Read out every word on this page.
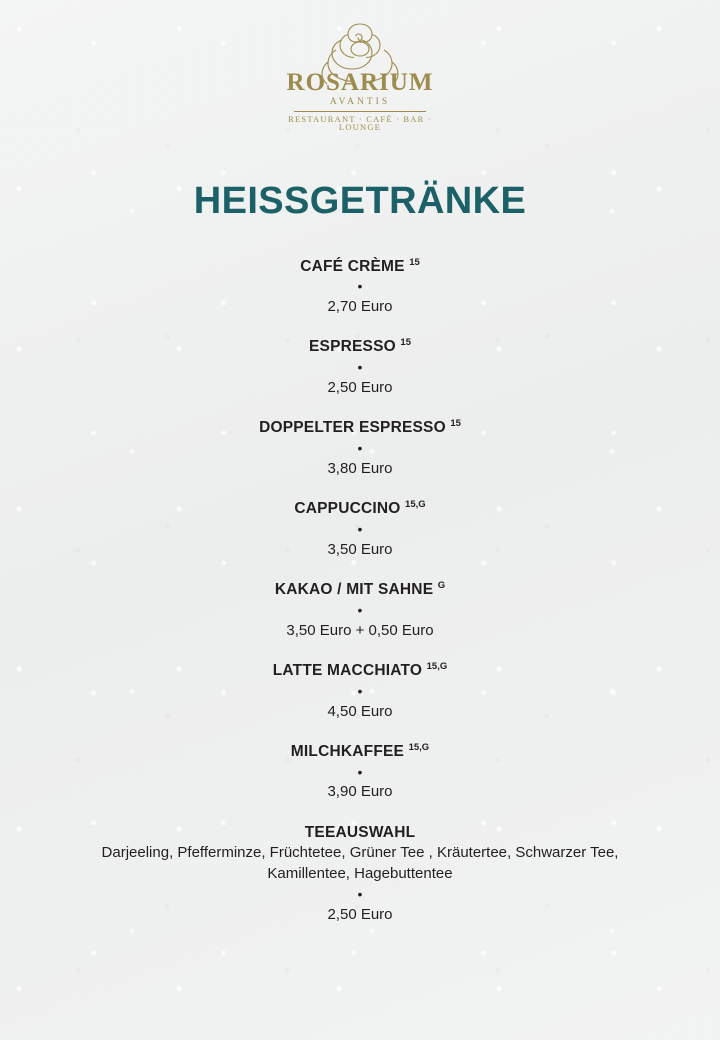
ROSARIUM
AVANTIS
RESTAURANT · CAFÉ · BAR · LOUNGE
HEISSGETRÄNKE
CAFÉ CRÈME $^{15}$
•
2,70 Euro
ESPRESSO $^{15}$
•
2,50 Euro
DOPPELTER ESPRESSO $^{15}$
•
3,80 Euro
CAPPUCCINO $^{15,G}$
•
3,50 Euro
KAKAO / MIT SAHNE $^G$
•
3,50 Euro + 0,50 Euro
LATTE MACCHIATO $^{15,G}$
•
4,50 Euro
MILCHKAFFEE $^{15,G}$
•
3,90 Euro
TEEAUSWAHL
Darjeeling, Pfefferminze, Früchtetee, Grüner Tee , Kräutertee, Schwarzer Tee, Kamillentee, Hagebuttentee
•
2,50 Euro
